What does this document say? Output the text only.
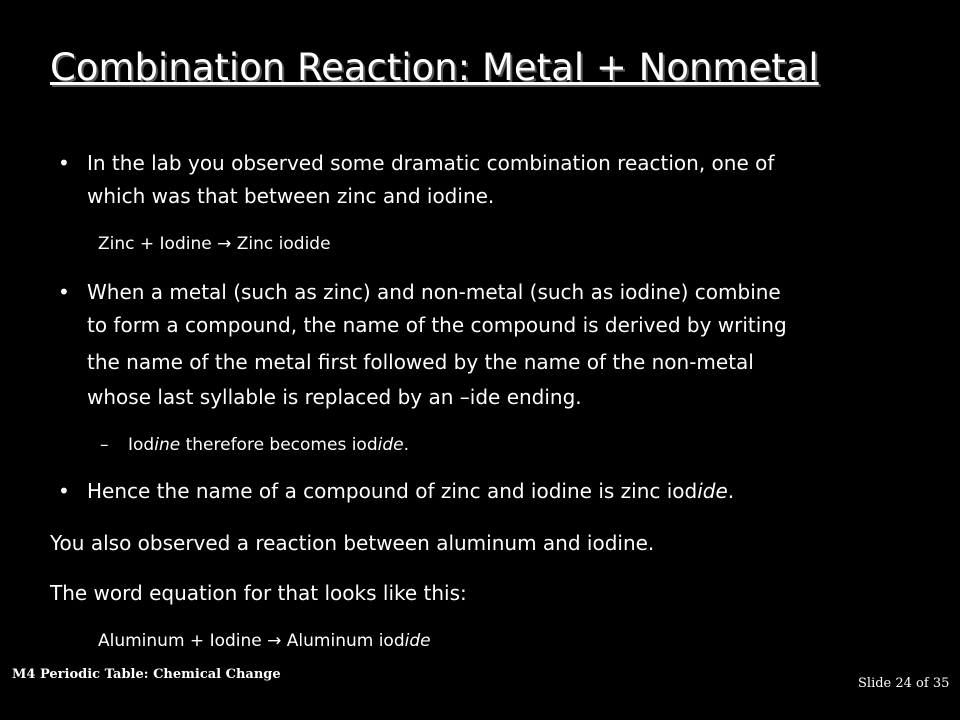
Combination Reaction: Metal + Nonmetal
• In the lab you observed some dramatic combination reaction, one of
which was that between zinc and iodine.
Zinc + Iodine → Zinc iodide
• When a metal (such as zinc) and non-metal (such as iodine) combine
to form a compound, the name of the compound is derived by writing
the name of the metal first followed by the name of the non-metal
whose last syllable is replaced by an –ide ending.
– Iodine therefore becomes iodide.
• Hence the name of a compound of zinc and iodine is zinc iodide.
You also observed a reaction between aluminum and iodine.
The word equation for that looks like this:
Aluminum + Iodine → Aluminum iodide
M4 Periodic Table: Chemical Change
Slide 24 of 35
